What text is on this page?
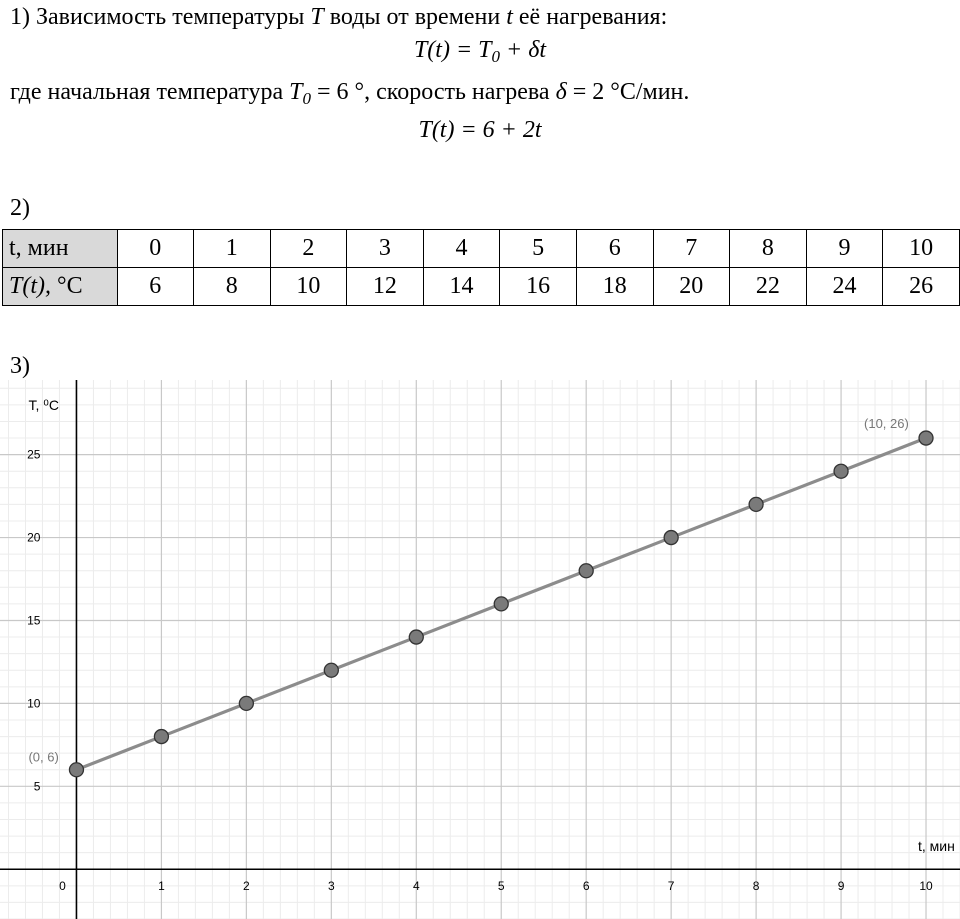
1) Зависимость температуры T воды от времени t её нагревания:
$T(t) = T_0 + \delta t$
где начальная температура $T_0 = 6$ °, скорость нагрева δ = 2 °C/мин.
T(t) = 6 + 2t
2)
t, мин	0	1	2	3	4	5	6	7	8	9	10
T(t), °C	6	8	10	12	14	16	18	20	22	24	26
3)
0	1	2	3	4	5	6	7	8	9	10
5
10
15
20
25
T, ⁰С
t, мин
(0, 6)
(10, 26)
